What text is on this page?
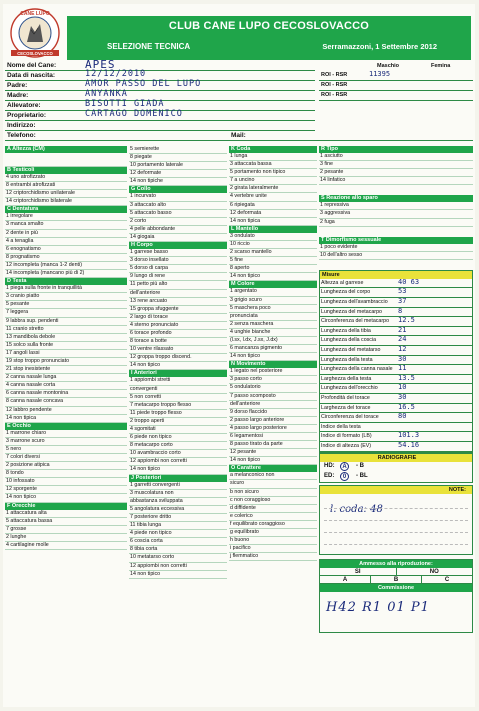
CANE LUPO
CECOSLOVACCO
CLUB CANE LUPO CECOSLOVACCO
SELEZIONE TECNICA	Serramazzoni, 1 Settembre 2012
Nome del Cane:	APES
Data di nascita:	12/12/2010
Padre:	AMOR PASSO DEL LUPO
Madre:	ANYANKA
Allevatore:	BISOTTI GIADA
Proprietario:	CARTAGO DOMENICO
Indirizzo:
Telefono:	Mail:
Maschio	Femina
ROI - RSR	11395
ROI - RSR
ROI - RSR
A Altezza (CM)

B Testicoli
4 uno atrofizzato
8 entrambi atrofizzati
12 criptorchidismo unilaterale
14 criptorchidismo bilaterale
C Dentatura
1 irregolare
3 manca smalto
2 dente in più
4 a tenaglia
6 enognatismo
8 prognatismo
12 incompleta (manca 1-2 denti)
14 incompleta (mancano più di 2)
D Testa
1 piega sulla fronte in tranquillità
3 cranio piatto
5 pesante
7 leggera
9 labbra sup. pendenti
11 cranio stretto
13 mandibola debole
15 solco sulla fronte
17 angoli lassi
19 stop troppo pronunciato
21 stop inesistente
2 canna nasale lunga
4 canna nasale corta
6 canna nasale montonina
8 canna nasale concava
12 labbro pendente
14 non tipica
E Occhio
1 marrone chiaro
3 marrone scuro
5 nero
7 colori diversi
2 posizione atipica
8 tondo
10 infossato
12 sporgente
14 non tipico
F Orecchie
1 attaccatura alta
5 attaccatura bassa
7 grosse
2 lunghe
4 cartilagine molle
5 semierette
8 piegate
10 portamento laterale
12 deformate
14 non tipiche
G Collo
1 incurvato
3 attaccato alto
5 attaccato basso
2 corto
4 pelle abbondante
14 giogaia
H Corpo
1 garrese basso
3 dorso insellato
5 dorso di carpa
9 lungo di rene
11 petto più alto
dell'anteriore
13 rene arcuato
15 groppa sfuggente
2 largo di torace
4 sterno pronunciato
6 torace profondo
8 torace a botte
10 ventre rilassato
12 groppa troppo discend.
14 non tipico
I Anteriori
1 appiombi stretti
convergenti
5 non corretti
7 metacarpo troppo flesso
11 piede troppo flesso
2 troppo aperti
4 sgomitati
6 piede non tipico
8 metacarpo corto
10 avambraccio corto
12 appiombi non corretti
14 non tipico
J Posteriori
1 garretti convergenti
3 muscolatura non
abbastanza sviluppata
5 angolatura eccessiva
7 posteriore dritto
11 tibia lunga
4 piede non tipico
6 coscia corta
8 tibia corta
10 metatarso corto
12 appiombi non corretti
14 non tipico
K Coda
1 lunga
3 attaccata bassa
5 portamento non tipico
7 a uncino
2 girata lateralmente
4 vertebre unite
6 ripiegata
12 deformata
14 non tipica
L Mantello
3 ondulato
10 riccio
2 scarso mantello
5 fine
8 aperto
14 non tipico
M Colore
1 argentato
3 grigio scuro
5 maschera poco
pronunciata
2 senza maschera
4 unghie bianche
(l.sx, l.dx, J.sx, J.dx)
6 mancanza pigmento
14 non tipico
N Movimento
1 legato nel posteriore
3 passo corto
5 ondulatorio
7 passo scomposto
dell'anteriore
9 dorso flaccido
2 passo largo anteriore
4 passo largo posteriore
6 legamentosi
8 passo tirato da parte
12 pesante
14 non tipico
O Carattere
a melanconico non
sicuro
b non sicuro
c non coraggioso
d diffidente
e colerico
f equilibrato coraggioso
g equilibrato
h buono
i pacifico
j flemmatico
R Tipo
1 asciutto
3 fine
2 pesante
14 linfatico
S Reazione allo sparo
1 repressiva
3 aggressiva
2 fuga
T Dimorfismo sessuale
1 poco evidente
10 dell'altro sesso
Misure
Altezza al garrese	40 63
Lunghezza del corpo	53
Lunghezza dell'avambraccio 37
Lunghezza del metacarpo 8
Circonferenza del metacarpo 12.5
Lunghezza della tibia	21
Lunghezza della coscia	24
Lunghezza del metatarso	12
Lunghezza della testa	30
Lunghezza della canna nasale 11
Larghezza della testa	13.5
Lunghezza dell'orecchio	10
Profondità del torace	30
Larghezza del torace	16.5
Circonferenza del torace	80
Indice della testa
Indice di formato (LB)	101.3
Indice di altezza (EV)	54.16
RADIOGRAFIE
HD:	A	- B
ED:	0	- BL
NOTE:
l. coda: 48
Ammesso alla riproduzione:
SI	NO
A	B	C
Commissione
H42 R1 01 P1
